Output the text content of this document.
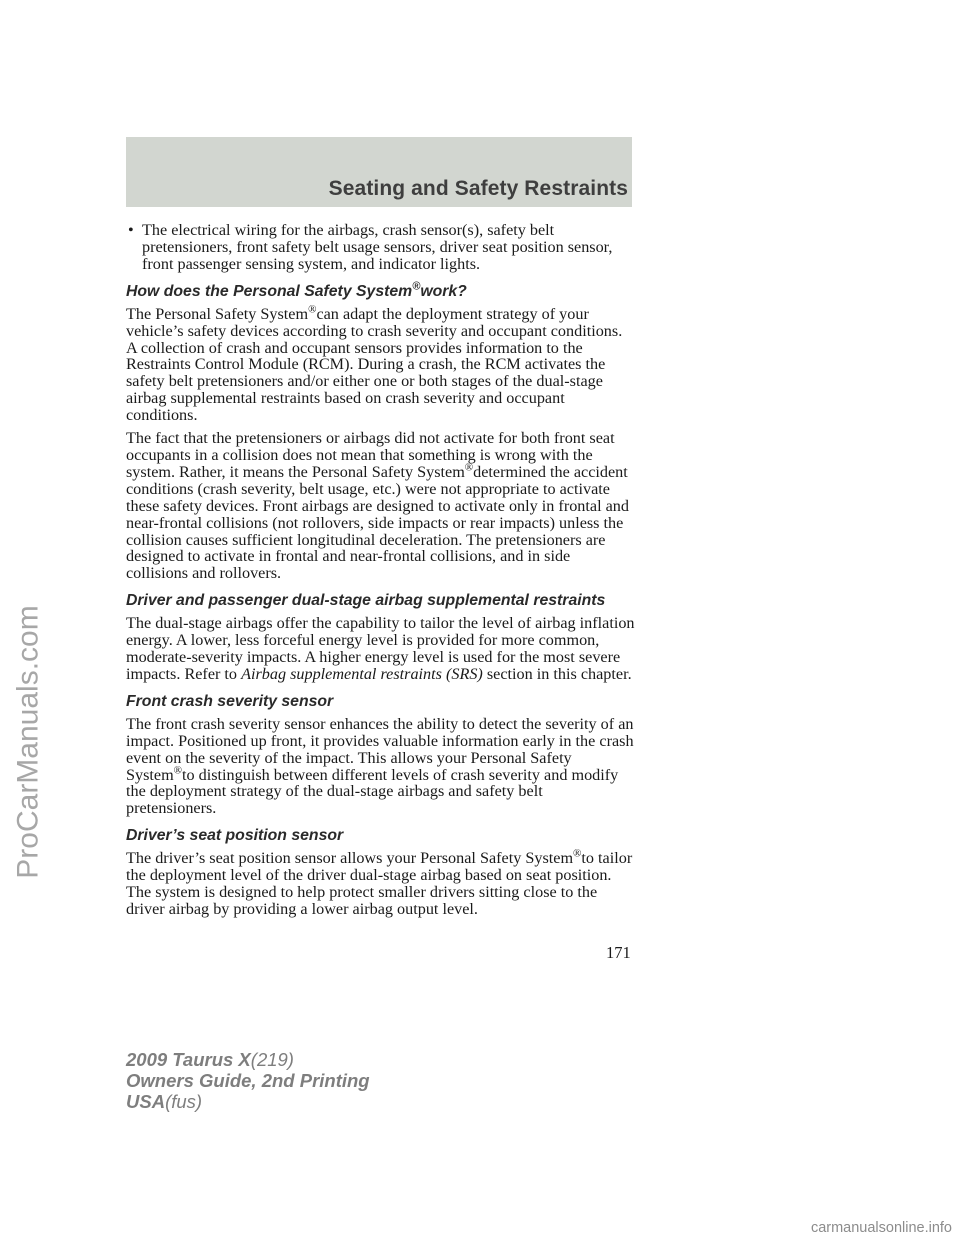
Seating and Safety Restraints
• The electrical wiring for the airbags, crash sensor(s), safety belt pretensioners, front safety belt usage sensors, driver seat position sensor, front passenger sensing system, and indicator lights.
How does the Personal Safety System®work?

The Personal Safety System®can adapt the deployment strategy of your vehicle’s safety devices according to crash severity and occupant conditions. A collection of crash and occupant sensors provides information to the Restraints Control Module (RCM). During a crash, the RCM activates the safety belt pretensioners and/or either one or both stages of the dual-stage airbag supplemental restraints based on crash severity and occupant conditions.

The fact that the pretensioners or airbags did not activate for both front seat occupants in a collision does not mean that something is wrong with the system. Rather, it means the Personal Safety System®determined the accident conditions (crash severity, belt usage, etc.) were not appropriate to activate these safety devices. Front airbags are designed to activate only in frontal and near-frontal collisions (not rollovers, side impacts or rear impacts) unless the collision causes sufficient longitudinal deceleration. The pretensioners are designed to activate in frontal and near-frontal collisions, and in side collisions and rollovers.

Driver and passenger dual-stage airbag supplemental restraints

The dual-stage airbags offer the capability to tailor the level of airbag inflation energy. A lower, less forceful energy level is provided for more common, moderate-severity impacts. A higher energy level is used for the most severe impacts. Refer to Airbag supplemental restraints (SRS) section in this chapter.

Front crash severity sensor

The front crash severity sensor enhances the ability to detect the severity of an impact. Positioned up front, it provides valuable information early in the crash event on the severity of the impact. This allows your Personal Safety System®to distinguish between different levels of crash severity and modify the deployment strategy of the dual-stage airbags and safety belt pretensioners.

Driver’s seat position sensor

The driver’s seat position sensor allows your Personal Safety System®to tailor the deployment level of the driver dual-stage airbag based on seat position. The system is designed to help protect smaller drivers sitting close to the driver airbag by providing a lower airbag output level.

171
2009 Taurus X(219)
Owners Guide, 2nd Printing
USA(fus)
ProCarManuals.com
carmanualsonline.info
